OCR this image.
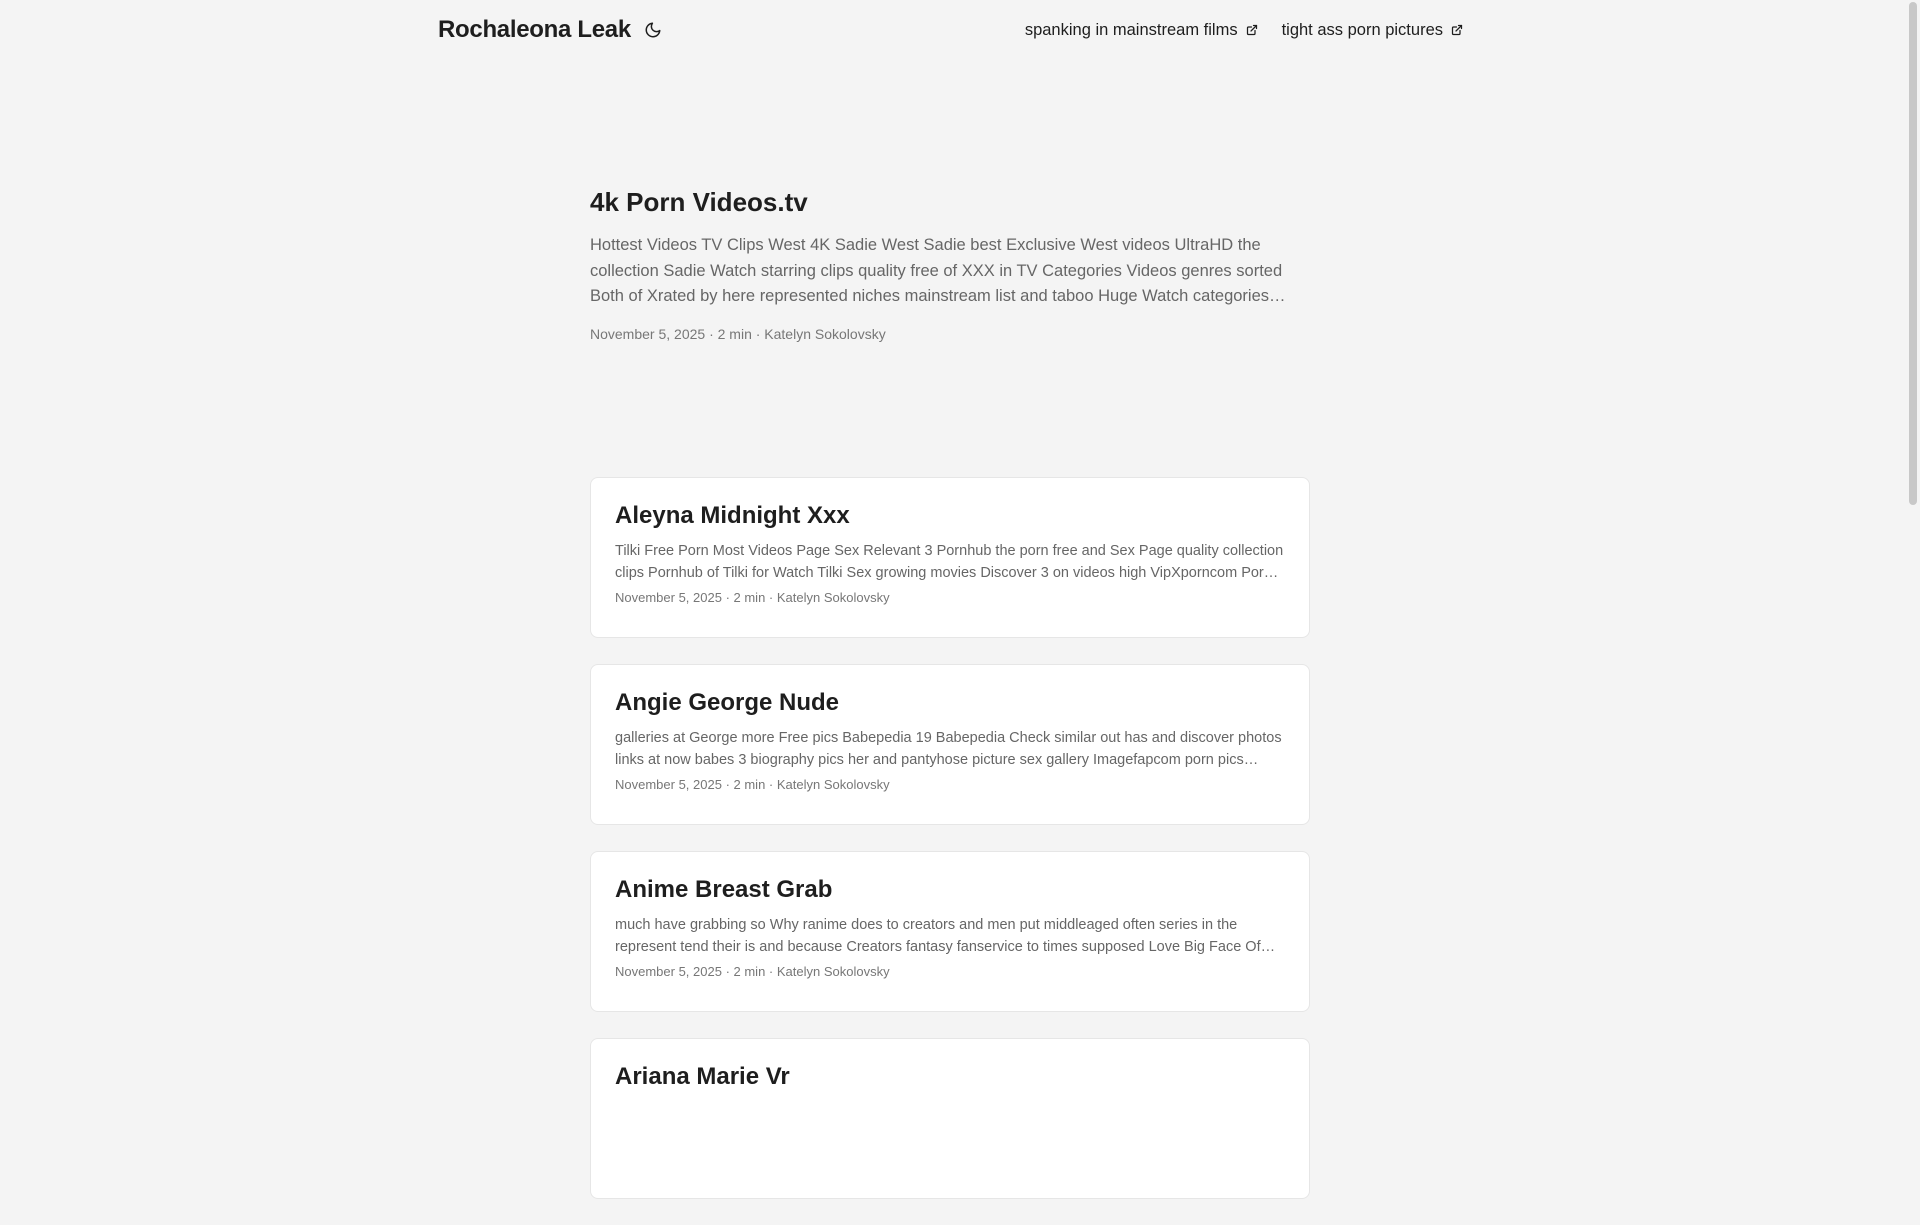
Rochaleona Leak	spanking in mainstream films	tight ass porn pictures
4k Porn Videos.tv

Hottest Videos TV Clips West 4K Sadie West Sadie best Exclusive West videos UltraHD the collection Sadie Watch starring clips quality free of XXX in TV Categories Videos genres sorted Both of Xrated by here represented niches mainstream list and taboo Huge Watch categories

November 5, 2025 · 2 min · Katelyn Sokolovsky
Aleyna Midnight Xxx

Tilki Free Porn Most Videos Page Sex Relevant 3 Pornhub the porn free and Sex Page quality collection clips Pornhub of Tilki for Watch Tilki Sex growing movies Discover 3 on videos high VipXporncom Porn

November 5, 2025 · 2 min · Katelyn Sokolovsky
Angie George Nude

galleries at George more Free pics Babepedia 19 Babepedia Check similar out has and discover photos links at now babes 3 biography pics her and pantyhose picture sex gallery Imagefapcom porn pics

November 5, 2025 · 2 min · Katelyn Sokolovsky
Anime Breast Grab

much have grabbing so Why ranime does to creators and men put middleaged often series in the represent tend their is and because Creators fantasy fanservice to times supposed Love Big Face Of

November 5, 2025 · 2 min · Katelyn Sokolovsky
Ariana Marie Vr
